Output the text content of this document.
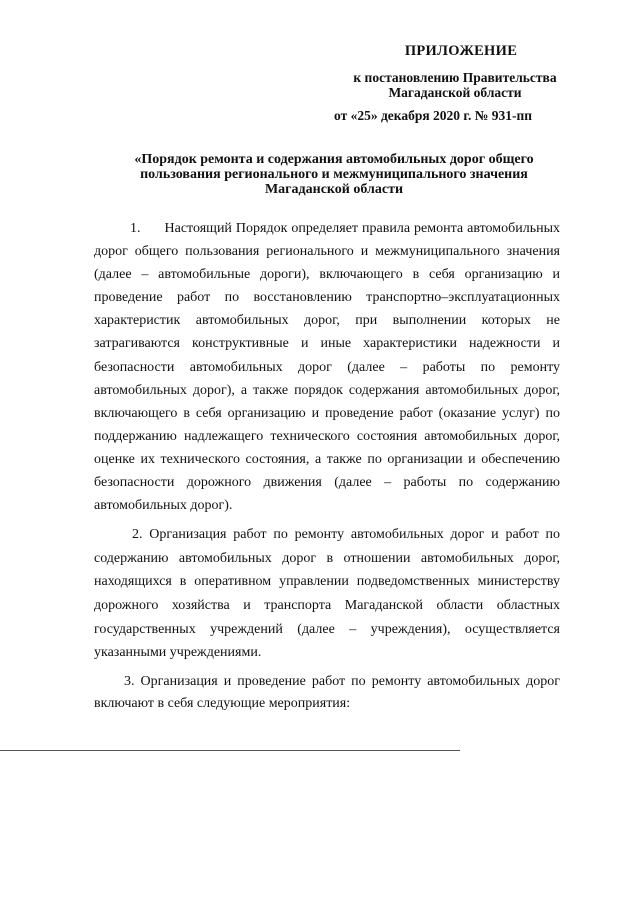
ПРИЛОЖЕНИЕ
к постановлению Правительства
Магаданской области
от «25» декабря 2020 г. № 931-пп
«Порядок ремонта и содержания автомобильных дорог общего пользования регионального и межмуниципального значения Магаданской области

1.      Настоящий Порядок определяет правила ремонта автомобильных дорог общего пользования регионального и межмуниципального значения (далее – автомобильные дороги), включающего в себя организацию и проведение работ по восстановлению транспортно–эксплуатационных характеристик автомобильных дорог, при выполнении которых не затрагиваются конструктивные и иные характеристики надежности и безопасности автомобильных дорог (далее – работы по ремонту автомобильных дорог), а также порядок содержания автомобильных дорог, включающего в себя организацию и проведение работ (оказание услуг) по поддержанию надлежащего технического состояния автомобильных дорог, оценке их технического состояния, а также по организации и обеспечению безопасности дорожного движения (далее – работы по содержанию автомобильных дорог).

2. Организация работ по ремонту автомобильных дорог и работ по содержанию автомобильных дорог в отношении автомобильных дорог, находящихся в оперативном управлении подведомственных министерству дорожного хозяйства и транспорта Магаданской области областных государственных учреждений (далее – учреждения), осуществляется указанными учреждениями.

3. Организация и проведение работ по ремонту автомобильных дорог включают в себя следующие мероприятия:
